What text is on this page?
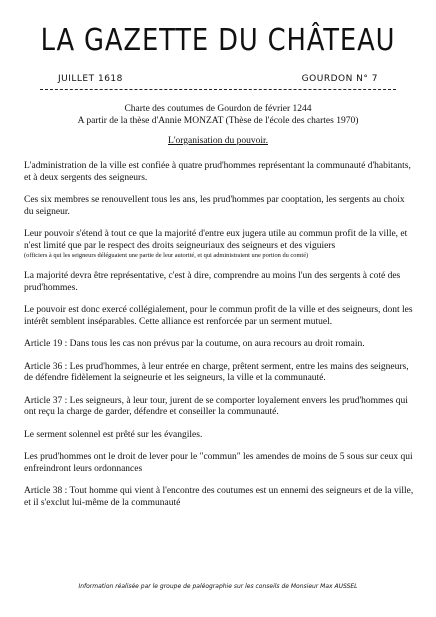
LA GAZETTE DU CHÂTEAU
JUILLET 1618	GOURDON N° 7
Charte des coutumes de Gourdon de février 1244
A partir de la thèse d'Annie MONZAT (Thèse de l'école des chartes 1970)
L'organisation du pouvoir.

L'administration de la ville est confiée à quatre prud'hommes représentant la communauté d'habitants, et à deux sergents des seigneurs.

Ces six membres se renouvellent tous les ans, les prud'hommes par cooptation, les sergents au choix du seigneur.

Leur pouvoir s'étend à tout ce que la majorité d'entre eux jugera utile au commun profit de la ville, et n'est limité que par le respect des droits seigneuriaux des seigneurs et des viguiers
(officiers à qui les seigneurs déléguaient une partie de leur autorité, et qui administraient une portion du comté)

La majorité devra être représentative, c'est à dire, comprendre au moins l'un des sergents à coté des prud'hommes.

Le pouvoir est donc exercé collégialement, pour le commun profit de la ville et des seigneurs, dont les intérêt semblent inséparables. Cette alliance est renforcée par un serment mutuel.

Article 19 : Dans tous les cas non prévus par la coutume, on aura recours au droit romain.

Article 36 : Les prud'hommes, à leur entrée en charge, prêtent serment, entre les mains des seigneurs, de défendre fidèlement la seigneurie et les seigneurs, la ville et la communauté.

Article 37 : Les seigneurs, à leur tour, jurent de se comporter loyalement envers les prud'hommes qui ont reçu la charge de garder, défendre et conseiller la communauté.

Le serment solennel est prêté sur les évangiles.

Les prud'hommes ont le droit de lever pour le "commun" les amendes de moins de 5 sous sur ceux qui enfreindront leurs ordonnances

Article 38 : Tout homme qui vient à l'encontre des coutumes est un ennemi des seigneurs et de la ville, et il s'exclut lui-même de la communauté

Information réalisée par le groupe de paléographie sur les conseils de Monsieur Max AUSSEL
